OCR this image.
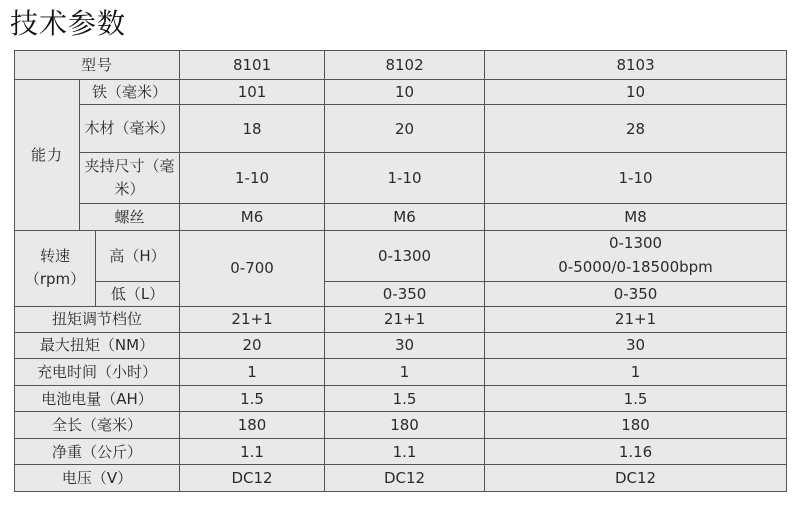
技术参数
型号			8101	8102	8103
能力	铁（毫米）		101	10	10
	木材（毫米）		18	20	28
	夹持尺寸（毫米）		1-10	1-10	1-10
	螺丝		M6	M6	M8
转速（rpm）		高（H）	0-700	0-1300	0-1300
0-5000/0-18500bpm
		低（L）		0-350	0-350
扭矩调节档位			21+1	21+1	21+1
最大扭矩（NM）			20	30	30
充电时间（小时）			1	1	1
电池电量（AH）			1.5	1.5	1.5
全长（毫米）			180	180	180
净重（公斤）			1.1	1.1	1.16
电压（V）			DC12	DC12	DC12
